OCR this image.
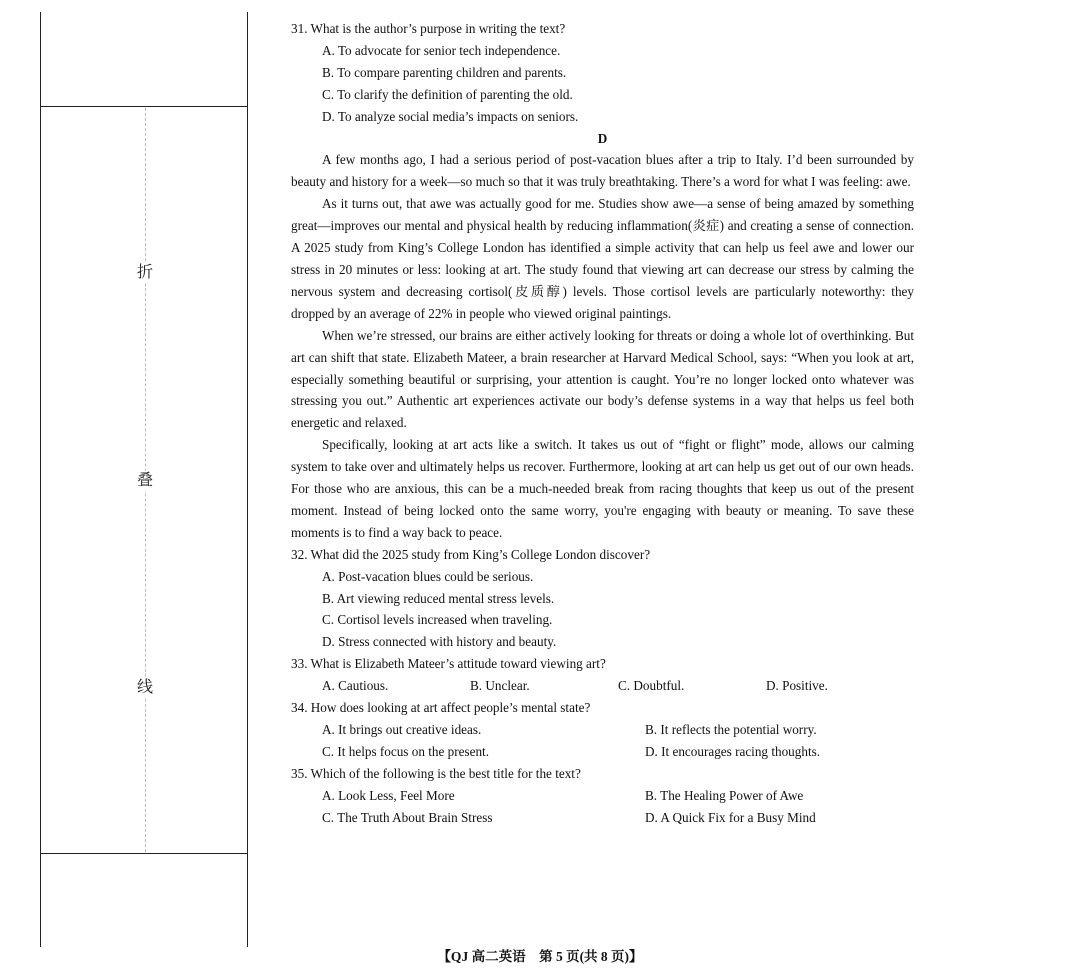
折
叠
线
31. What is the author’s purpose in writing the text?
A. To advocate for senior tech independence.
B. To compare parenting children and parents.
C. To clarify the definition of parenting the old.
D. To analyze social media’s impacts on seniors.
D
A few months ago, I had a serious period of post-vacation blues after a trip to Italy. I’d been surrounded by beauty and history for a week—so much so that it was truly breathtaking. There’s a word for what I was feeling: awe.
As it turns out, that awe was actually good for me. Studies show awe—a sense of being amazed by something great—improves our mental and physical health by reducing inflammation(炎症) and creating a sense of connection. A 2025 study from King’s College London has identified a simple activity that can help us feel awe and lower our stress in 20 minutes or less: looking at art. The study found that viewing art can decrease our stress by calming the nervous system and decreasing cortisol(皮质醇) levels. Those cortisol levels are particularly noteworthy: they dropped by an average of 22% in people who viewed original paintings.
When we’re stressed, our brains are either actively looking for threats or doing a whole lot of overthinking. But art can shift that state. Elizabeth Mateer, a brain researcher at Harvard Medical School, says: “When you look at art, especially something beautiful or surprising, your attention is caught. You’re no longer locked onto whatever was stressing you out.” Authentic art experiences activate our body’s defense systems in a way that helps us feel both energetic and relaxed.
Specifically, looking at art acts like a switch. It takes us out of “fight or flight” mode, allows our calming system to take over and ultimately helps us recover. Furthermore, looking at art can help us get out of our own heads. For those who are anxious, this can be a much-needed break from racing thoughts that keep us out of the present moment. Instead of being locked onto the same worry, you're engaging with beauty or meaning. To save these moments is to find a way back to peace.
32. What did the 2025 study from King’s College London discover?
A. Post-vacation blues could be serious.
B. Art viewing reduced mental stress levels.
C. Cortisol levels increased when traveling.
D. Stress connected with history and beauty.
33. What is Elizabeth Mateer’s attitude toward viewing art?
A. Cautious.	B. Unclear.	C. Doubtful.	D. Positive.
34. How does looking at art affect people’s mental state?
A. It brings out creative ideas.	B. It reflects the potential worry.
C. It helps focus on the present.	D. It encourages racing thoughts.
35. Which of the following is the best title for the text?
A. Look Less, Feel More	B. The Healing Power of Awe
C. The Truth About Brain Stress	D. A Quick Fix for a Busy Mind
【QJ 高二英语　第 5 页(共 8 页)】
